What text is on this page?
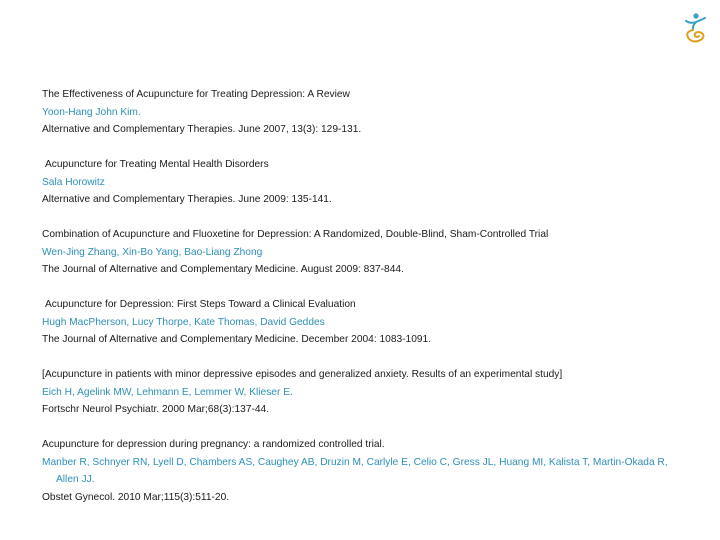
The Effectiveness of Acupuncture for Treating Depression: A Review
Yoon-Hang John Kim.
Alternative and Complementary Therapies. June 2007, 13(3): 129-131.

Acupuncture for Treating Mental Health Disorders
Sala Horowitz
Alternative and Complementary Therapies. June 2009: 135-141.

Combination of Acupuncture and Fluoxetine for Depression: A Randomized, Double-Blind, Sham-Controlled Trial
Wen-Jing Zhang, Xin-Bo Yang, Bao-Liang Zhong
The Journal of Alternative and Complementary Medicine. August 2009: 837-844.

Acupuncture for Depression: First Steps Toward a Clinical Evaluation
Hugh MacPherson, Lucy Thorpe, Kate Thomas, David Geddes
The Journal of Alternative and Complementary Medicine. December 2004: 1083-1091.

[Acupuncture in patients with minor depressive episodes and generalized anxiety. Results of an experimental study]
Eich H, Agelink MW, Lehmann E, Lemmer W, Klieser E.
Fortschr Neurol Psychiatr. 2000 Mar;68(3):137-44.

Acupuncture for depression during pregnancy: a randomized controlled trial.
Manber R, Schnyer RN, Lyell D, Chambers AS, Caughey AB, Druzin M, Carlyle E, Celio C, Gress JL, Huang MI, Kalista T, Martin-Okada R, Allen JJ.
Obstet Gynecol. 2010 Mar;115(3):511-20.
